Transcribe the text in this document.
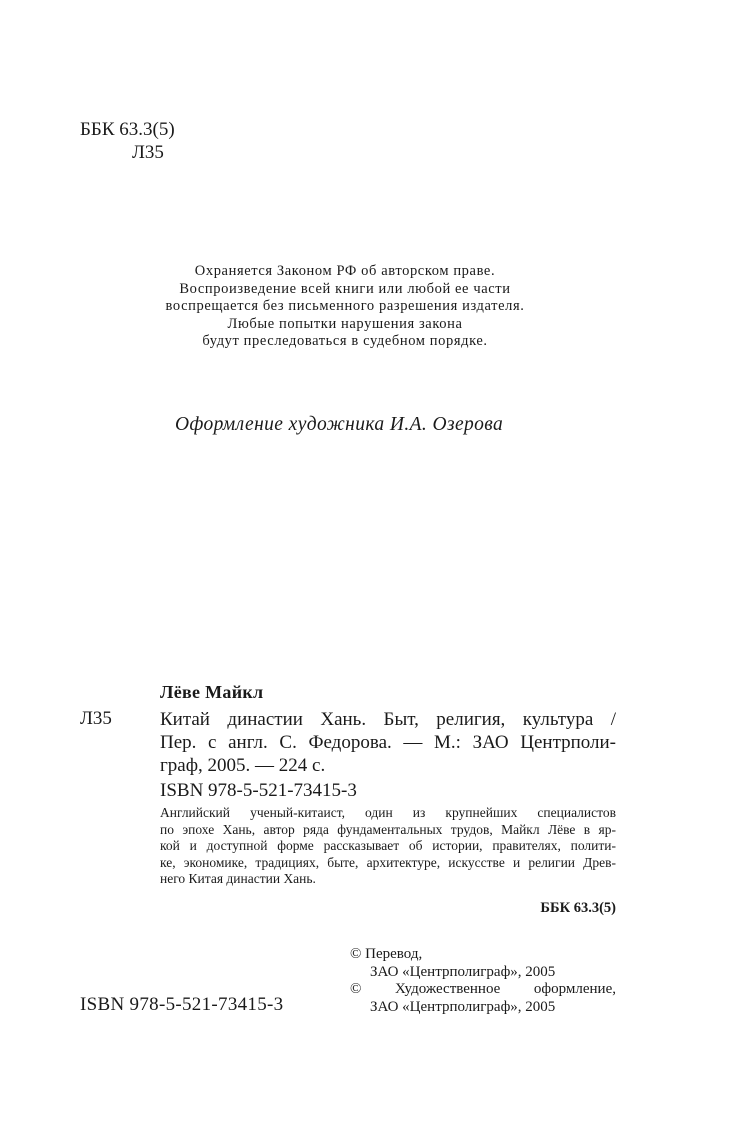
ББК 63.3(5)
Л35
Охраняется Законом РФ об авторском праве.
Воспроизведение всей книги или любой ее части
воспрещается без письменного разрешения издателя.
Любые попытки нарушения закона
будут преследоваться в судебном порядке.
Оформление художника И.А. Озерова
Лёве Майкл
Л35	Китай династии Хань. Быт, религия, культура /
Пер. с англ. С. Федорова. — М.: ЗАО Центрполи-
граф, 2005. — 224 с.
ISBN 978-5-521-73415-3
Английский ученый-китаист, один из крупнейших специалистов
по эпохе Хань, автор ряда фундаментальных трудов, Майкл Лёве в яр-
кой и доступной форме рассказывает об истории, правителях, полити-
ке, экономике, традициях, быте, архитектуре, искусстве и религии Древ-
него Китая династии Хань.
ББК 63.3(5)
ISBN 978-5-521-73415-3
© Перевод,
ЗАО «Центрполиграф», 2005
© Художественное оформление,
ЗАО «Центрполиграф», 2005
